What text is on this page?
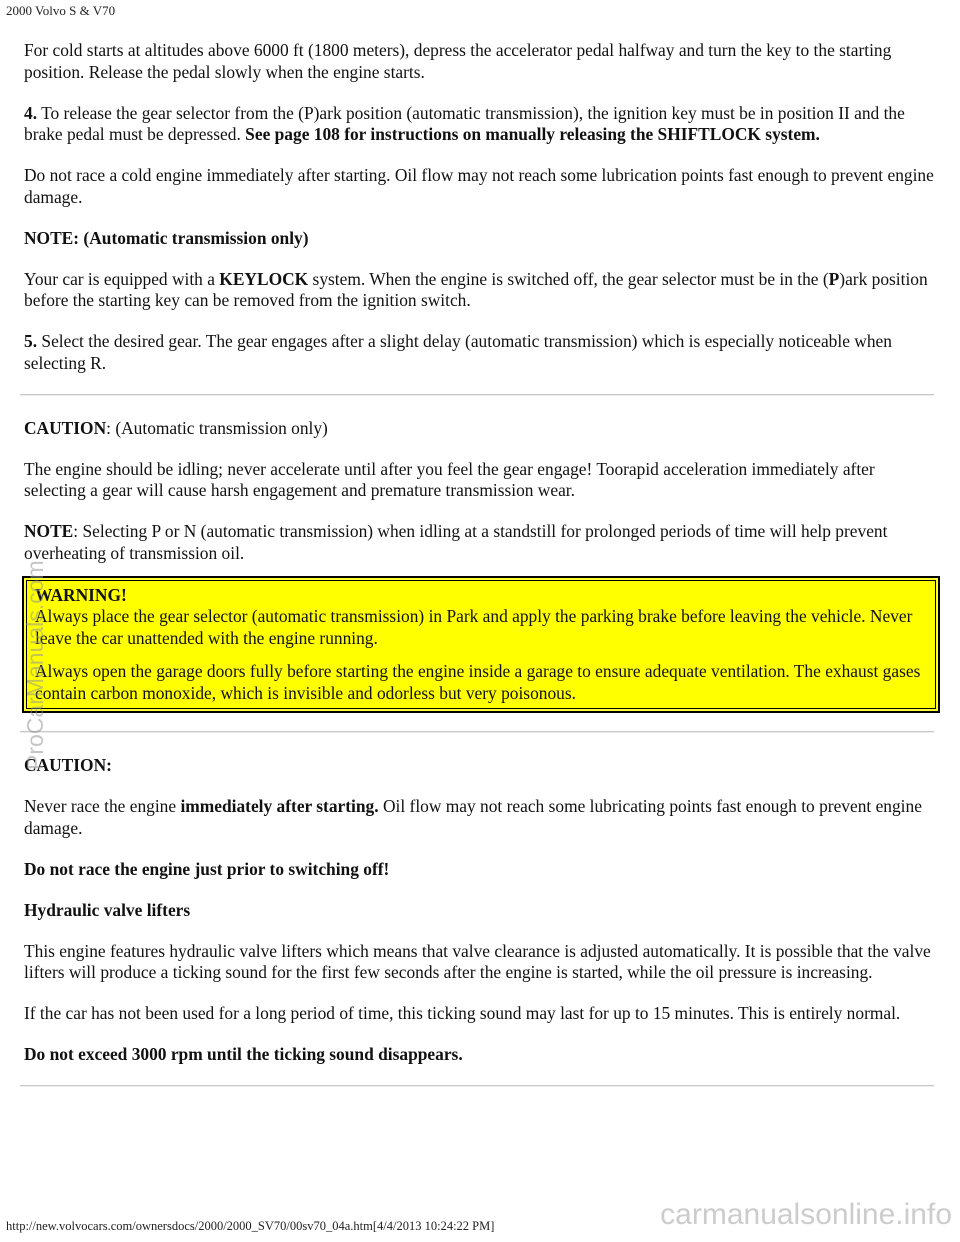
2000 Volvo S & V70

For cold starts at altitudes above 6000 ft (1800 meters), depress the accelerator pedal halfway and turn the key to the starting position. Release the pedal slowly when the engine starts.

4. To release the gear selector from the (P)ark position (automatic transmission), the ignition key must be in position II and the brake pedal must be depressed. See page 108 for instructions on manually releasing the SHIFTLOCK system.

Do not race a cold engine immediately after starting. Oil flow may not reach some lubrication points fast enough to prevent engine damage.

NOTE: (Automatic transmission only)

Your car is equipped with a KEYLOCK system. When the engine is switched off, the gear selector must be in the (P)ark position before the starting key can be removed from the ignition switch.

5. Select the desired gear. The gear engages after a slight delay (automatic transmission) which is especially noticeable when selecting R.

CAUTION: (Automatic transmission only)

The engine should be idling; never accelerate until after you feel the gear engage! Toorapid acceleration immediately after selecting a gear will cause harsh engagement and premature transmission wear.

NOTE: Selecting P or N (automatic transmission) when idling at a standstill for prolonged periods of time will help prevent overheating of transmission oil.

WARNING!
Always place the gear selector (automatic transmission) in Park and apply the parking brake before leaving the vehicle. Never leave the car unattended with the engine running.

Always open the garage doors fully before starting the engine inside a garage to ensure adequate ventilation. The exhaust gases contain carbon monoxide, which is invisible and odorless but very poisonous.

CAUTION:

Never race the engine immediately after starting. Oil flow may not reach some lubricating points fast enough to prevent engine damage.

Do not race the engine just prior to switching off!

Hydraulic valve lifters

This engine features hydraulic valve lifters which means that valve clearance is adjusted automatically. It is possible that the valve lifters will produce a ticking sound for the first few seconds after the engine is started, while the oil pressure is increasing.

If the car has not been used for a long period of time, this ticking sound may last for up to 15 minutes. This is entirely normal.

Do not exceed 3000 rpm until the ticking sound disappears.

ProCarManuals.com
carmanualsonline.info
http://new.volvocars.com/ownersdocs/2000/2000_SV70/00sv70_04a.htm[4/4/2013 10:24:22 PM]
